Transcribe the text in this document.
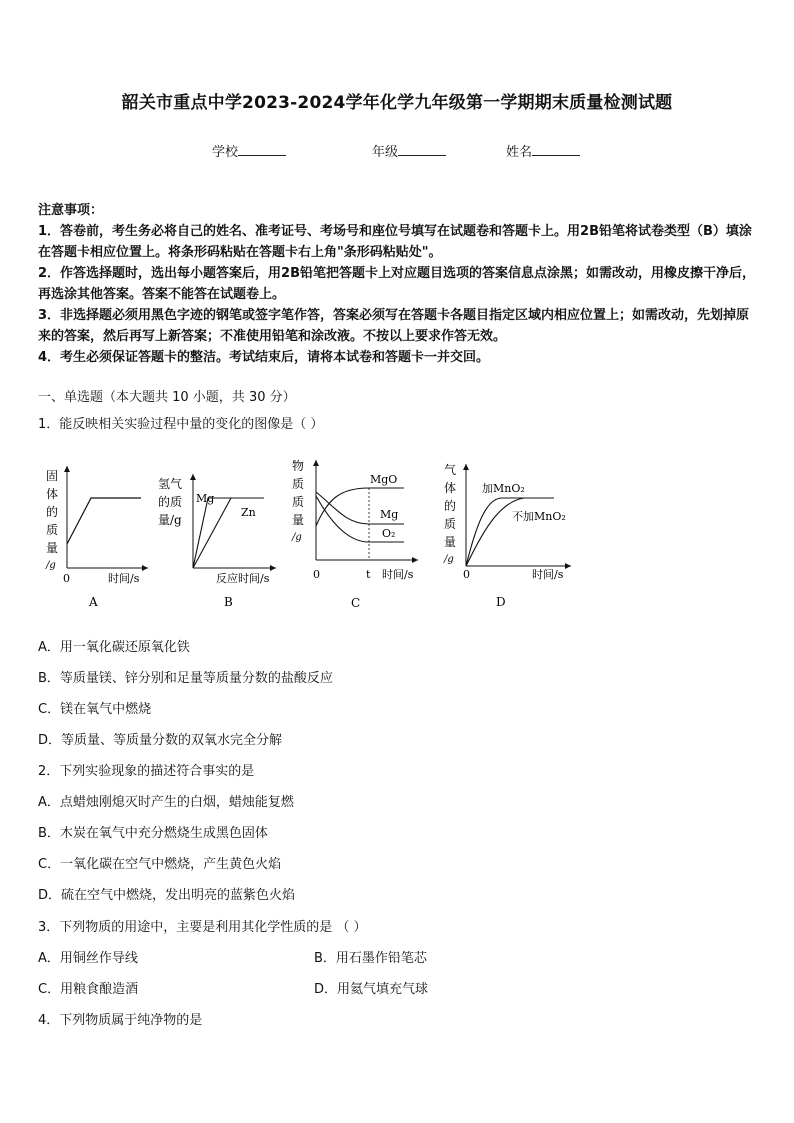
韶关市重点中学2023-2024学年化学九年级第一学期期末质量检测试题
学校	年级	姓名
注意事项：
1．答卷前，考生务必将自己的姓名、准考证号、考场号和座位号填写在试题卷和答题卡上。用2B铅笔将试卷类型（B）填涂在答题卡相应位置上。将条形码粘贴在答题卡右上角"条形码粘贴处"。
2．作答选择题时，选出每小题答案后，用2B铅笔把答题卡上对应题目选项的答案信息点涂黑；如需改动，用橡皮擦干净后，再选涂其他答案。答案不能答在试题卷上。
3．非选择题必须用黑色字迹的钢笔或签字笔作答，答案必须写在答题卡各题目指定区域内相应位置上；如需改动，先划掉原来的答案，然后再写上新答案；不准使用铅笔和涂改液。不按以上要求作答无效。
4．考生必须保证答题卡的整洁。考试结束后，请将本试卷和答题卡一并交回。
一、单选题（本大题共 10 小题，共 30 分）
1．能反映相关实验过程中量的变化的图像是（ ）
固
体
的
质
量
/g
0	时间/s
A
氢气
的质
量/g
Mg
Zn
反应时间/s
B
物
质
质
量
/g
MgO
Mg
O₂
0	t 时间/s
C
气
体
的
质
量
/g
加MnO₂
不加MnO₂
0	时间/s
D
A．用一氧化碳还原氧化铁
B．等质量镁、锌分别和足量等质量分数的盐酸反应
C．镁在氧气中燃烧
D．等质量、等质量分数的双氧水完全分解
2．下列实验现象的描述符合事实的是
A．点蜡烛刚熄灭时产生的白烟，蜡烛能复燃
B．木炭在氧气中充分燃烧生成黑色固体
C．一氧化碳在空气中燃烧，产生黄色火焰
D．硫在空气中燃烧，发出明亮的蓝紫色火焰
3．下列物质的用途中，主要是利用其化学性质的是 （ ）
A．用铜丝作导线	B．用石墨作铅笔芯
C．用粮食酿造酒	D．用氦气填充气球
4．下列物质属于纯净物的是
